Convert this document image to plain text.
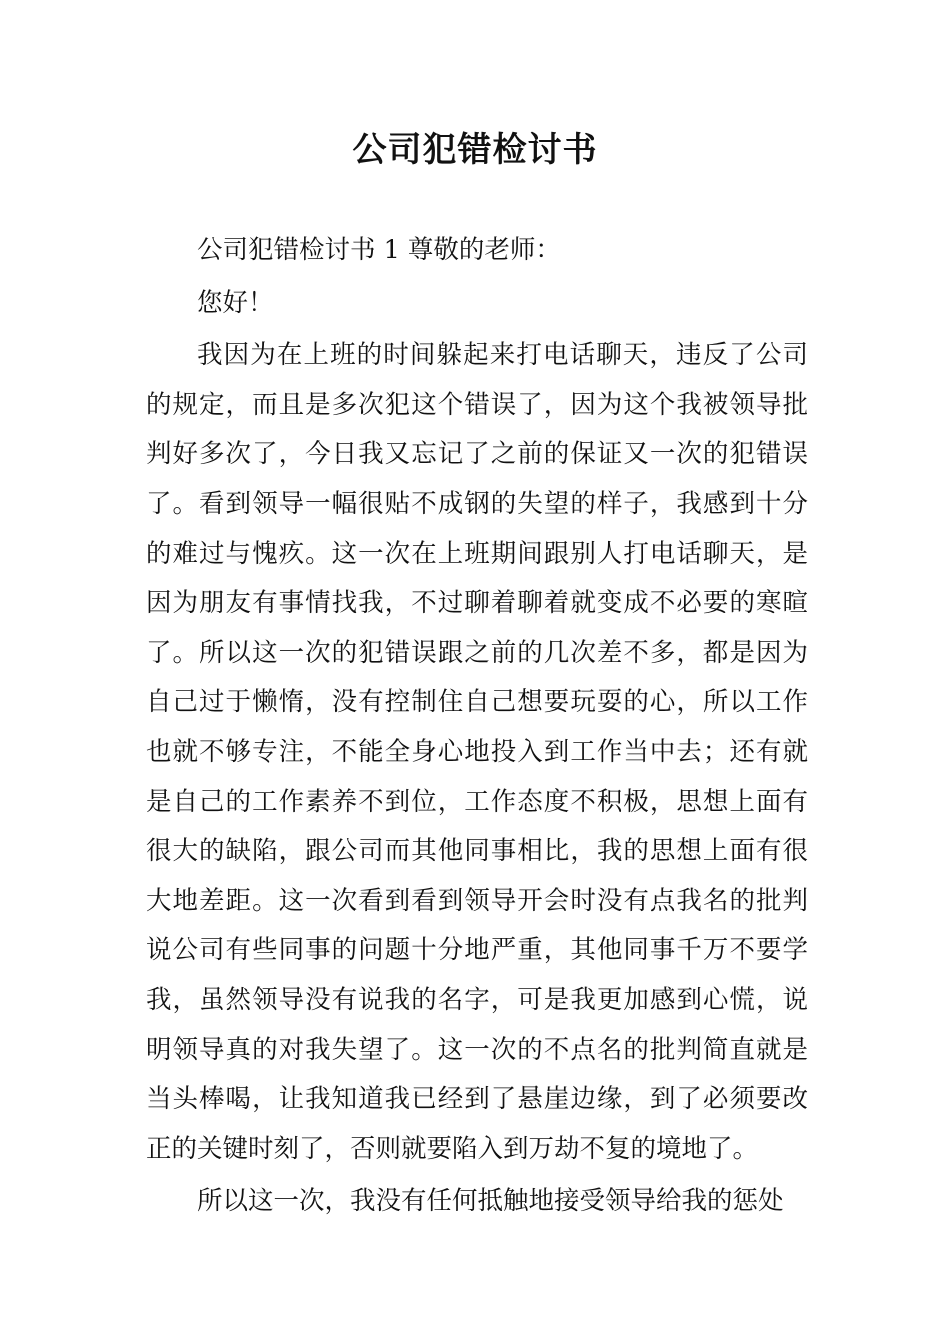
公司犯错检讨书

公司犯错检讨书 1 尊敬的老师：

您好！

我因为在上班的时间躲起来打电话聊天，违反了公司的规定，而且是多次犯这个错误了，因为这个我被领导批判好多次了，今日我又忘记了之前的保证又一次的犯错误了。看到领导一幅很贴不成钢的失望的样子，我感到十分的难过与愧疚。这一次在上班期间跟别人打电话聊天，是因为朋友有事情找我，不过聊着聊着就变成不必要的寒暄了。所以这一次的犯错误跟之前的几次差不多，都是因为自己过于懒惰，没有控制住自己想要玩耍的心，所以工作也就不够专注，不能全身心地投入到工作当中去；还有就是自己的工作素养不到位，工作态度不积极，思想上面有很大的缺陷，跟公司而其他同事相比，我的思想上面有很大地差距。这一次看到看到领导开会时没有点我名的批判说公司有些同事的问题十分地严重，其他同事千万不要学我，虽然领导没有说我的名字，可是我更加感到心慌，说明领导真的对我失望了。这一次的不点名的批判简直就是当头棒喝，让我知道我已经到了悬崖边缘，到了必须要改正的关键时刻了，否则就要陷入到万劫不复的境地了。

所以这一次，我没有任何抵触地接受领导给我的惩处
